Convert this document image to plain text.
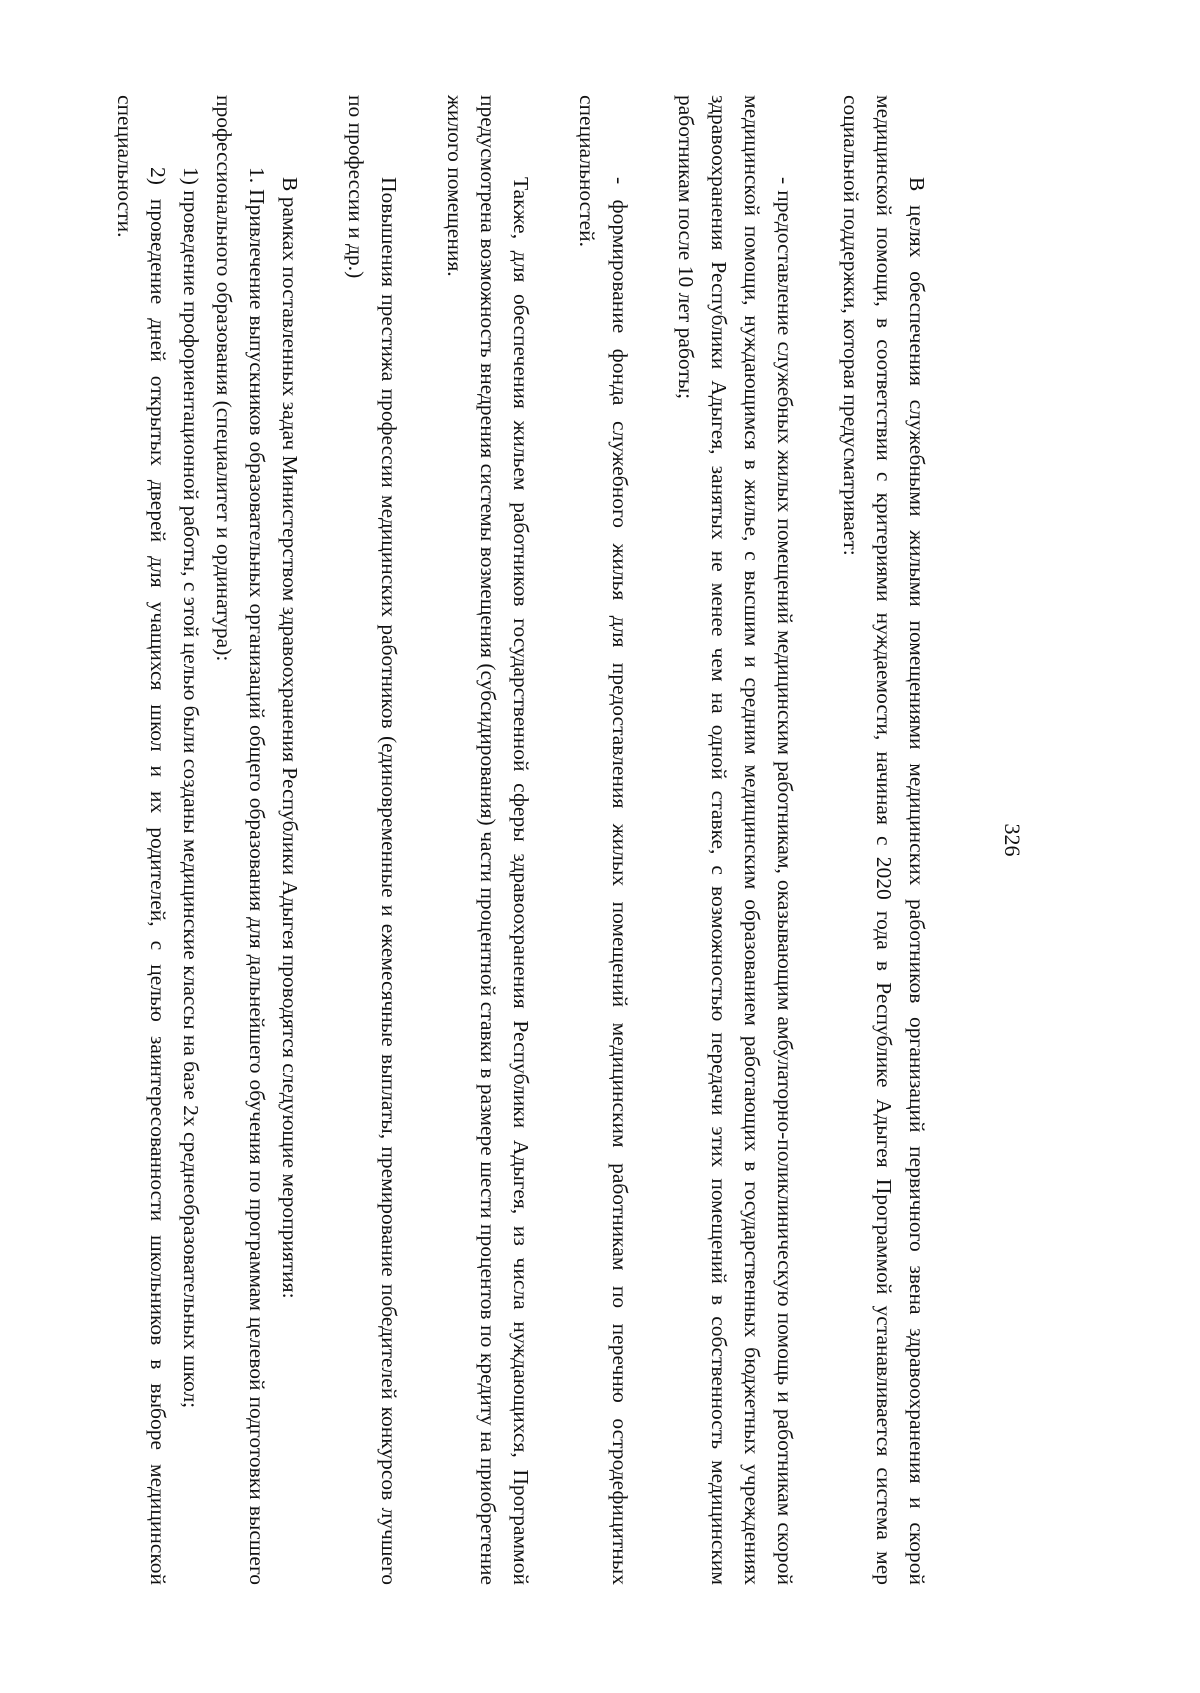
326

В целях обеспечения служебными жилыми помещениями медицинских работников организаций первичного звена здравоохранения и скорой медицинской помощи, в соответствии с критериями нуждаемости, начиная с 2020 года в Республике Адыгея Программой устанавливается система мер социальной поддержки, которая предусматривает:

- предоставление служебных жилых помещений медицинским работникам, оказывающим амбулаторно-поликлиническую помощь и работникам скорой медицинской помощи, нуждающимся в жилье, с высшим и средним медицинским образованием работающих в государственных бюджетных учреждениях здравоохранения Республики Адыгея, занятых не менее чем на одной ставке, с возможностью передачи этих помещений в собственность медицинским работникам после 10 лет работы;

- формирование фонда служебного жилья для предоставления жилых помещений медицинским работникам по перечню остродефицитных специальностей.

Также, для обеспечения жильем работников государственной сферы здравоохранения Республики Адыгея, из числа нуждающихся, Программой предусмотрена возможность внедрения системы возмещения (субсидирования) части процентной ставки в размере шести процентов по кредиту на приобретение жилого помещения.

Повышения престижа профессии медицинских работников (единовременные и ежемесячные выплаты, премирование победителей конкурсов лучшего по профессии и др.)

В рамках поставленных задач Министерством здравоохранения Республики Адыгея проводятся следующие мероприятия:

1. Привлечение выпускников образовательных организаций общего образования для дальнейшего обучения по программам целевой подготовки высшего профессионального образования (специалитет и ординатура):

1) проведение профориентационной работы, с этой целью были созданы медицинские классы на базе 2х среднеобразовательных школ;

2) проведение дней открытых дверей для учащихся школ и их родителей, с целью заинтересованности школьников в выборе медицинской специальности.
